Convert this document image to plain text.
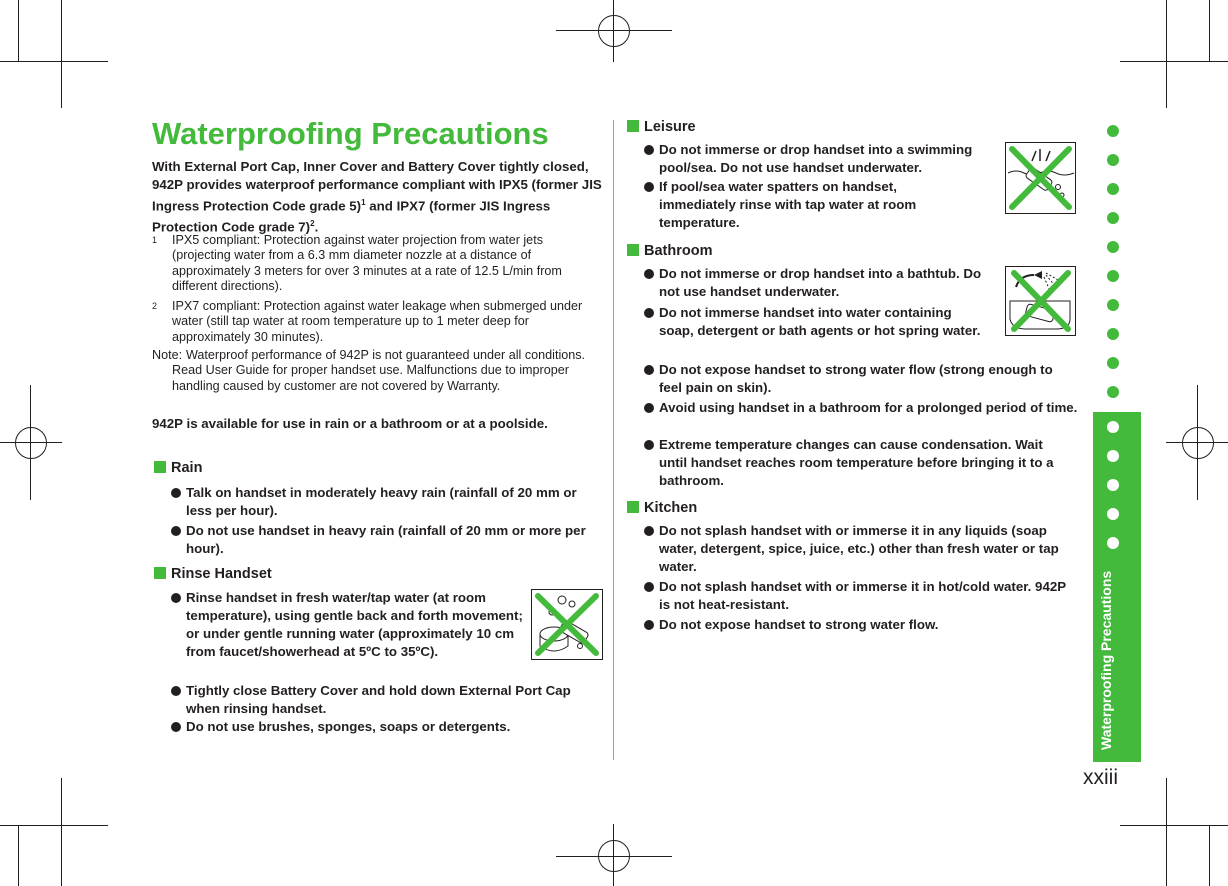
Waterproofing Precautions
With External Port Cap, Inner Cover and Battery Cover tightly closed, 942P provides waterproof performance compliant with IPX5 (former JIS Ingress Protection Code grade 5)$^1$ and IPX7 (former JIS Ingress Protection Code grade 7)$^2$.
1 IPX5 compliant: Protection against water projection from water jets (projecting water from a 6.3 mm diameter nozzle at a distance of approximately 3 meters for over 3 minutes at a rate of 12.5 L/min from different directions).
2 IPX7 compliant: Protection against water leakage when submerged under water (still tap water at room temperature up to 1 meter deep for approximately 30 minutes).
Note: Waterproof performance of 942P is not guaranteed under all conditions. Read User Guide for proper handset use. Malfunctions due to improper handling caused by customer are not covered by Warranty.
942P is available for use in rain or a bathroom or at a poolside.
Rain
Talk on handset in moderately heavy rain (rainfall of 20 mm or less per hour).
Do not use handset in heavy rain (rainfall of 20 mm or more per hour).
Rinse Handset
Rinse handset in fresh water/tap water (at room temperature), using gentle back and forth movement; or under gentle running water (approximately 10 cm from faucet/showerhead at 5ºC to 35ºC).
Tightly close Battery Cover and hold down External Port Cap when rinsing handset.
Do not use brushes, sponges, soaps or detergents.
Leisure
Do not immerse or drop handset into a swimming pool/sea. Do not use handset underwater.
If pool/sea water spatters on handset, immediately rinse with tap water at room temperature.
Bathroom
Do not immerse or drop handset into a bathtub. Do not use handset underwater.
Do not immerse handset into water containing soap, detergent or bath agents or hot spring water.
Do not expose handset to strong water flow (strong enough to feel pain on skin).
Avoid using handset in a bathroom for a prolonged period of time.
Extreme temperature changes can cause condensation. Wait until handset reaches room temperature before bringing it to a bathroom.
Kitchen
Do not splash handset with or immerse it in any liquids (soap water, detergent, spice, juice, etc.) other than fresh water or tap water.
Do not splash handset with or immerse it in hot/cold water. 942P is not heat-resistant.
Do not expose handset to strong water flow.	Waterproofing Precautions
xxiii
